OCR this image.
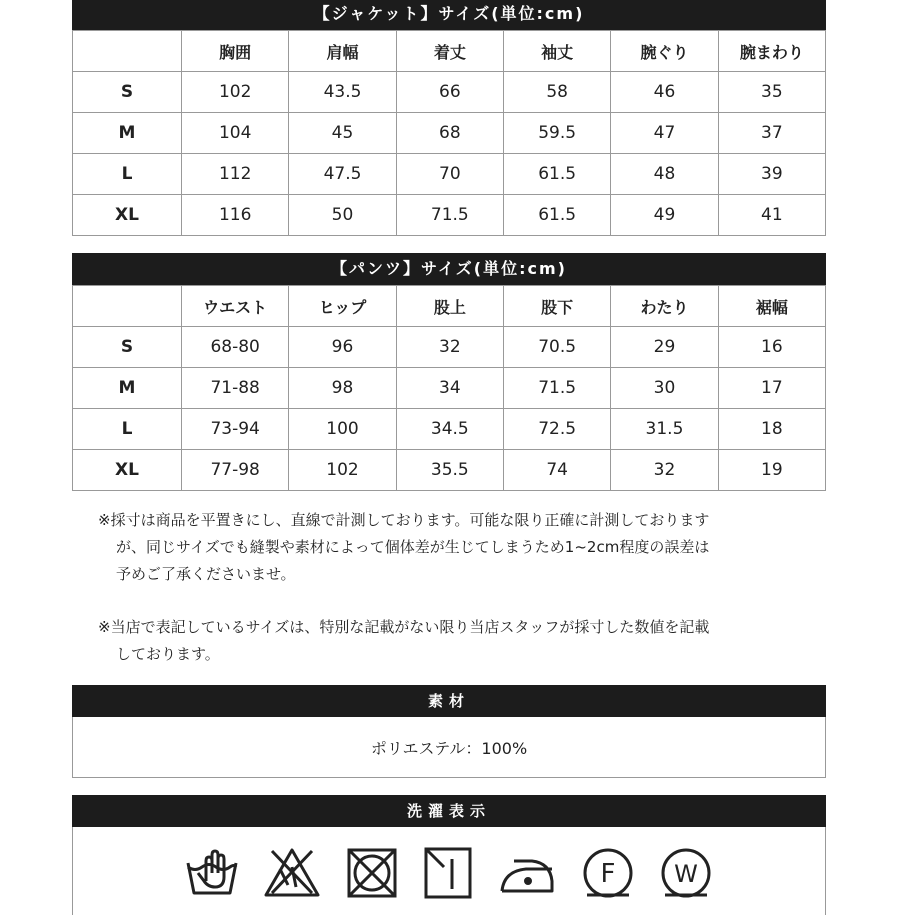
【ジャケット】サイズ(単位:cm)
	胸囲	肩幅	着丈	袖丈	腕ぐり	腕まわり
S	102	43.5	66	58	46	35
M	104	45	68	59.5	47	37
L	112	47.5	70	61.5	48	39
XL	116	50	71.5	61.5	49	41
【パンツ】サイズ(単位:cm)
	ウエスト	ヒップ	股上	股下	わたり	裾幅
S	68-80	96	32	70.5	29	16
M	71-88	98	34	71.5	30	17
L	73-94	100	34.5	72.5	31.5	18
XL	77-98	102	35.5	74	32	19

※採寸は商品を平置きにし、直線で計測しております。可能な限り正確に計測しております

が、同じサイズでも縫製や素材によって個体差が生じてしまうため1~2cm程度の誤差は

予めご了承くださいませ。

※当店で表記しているサイズは、特別な記載がない限り当店スタッフが採寸した数値を記載

しております。

素材
ポリエステル：100%
洗濯表示
F W
